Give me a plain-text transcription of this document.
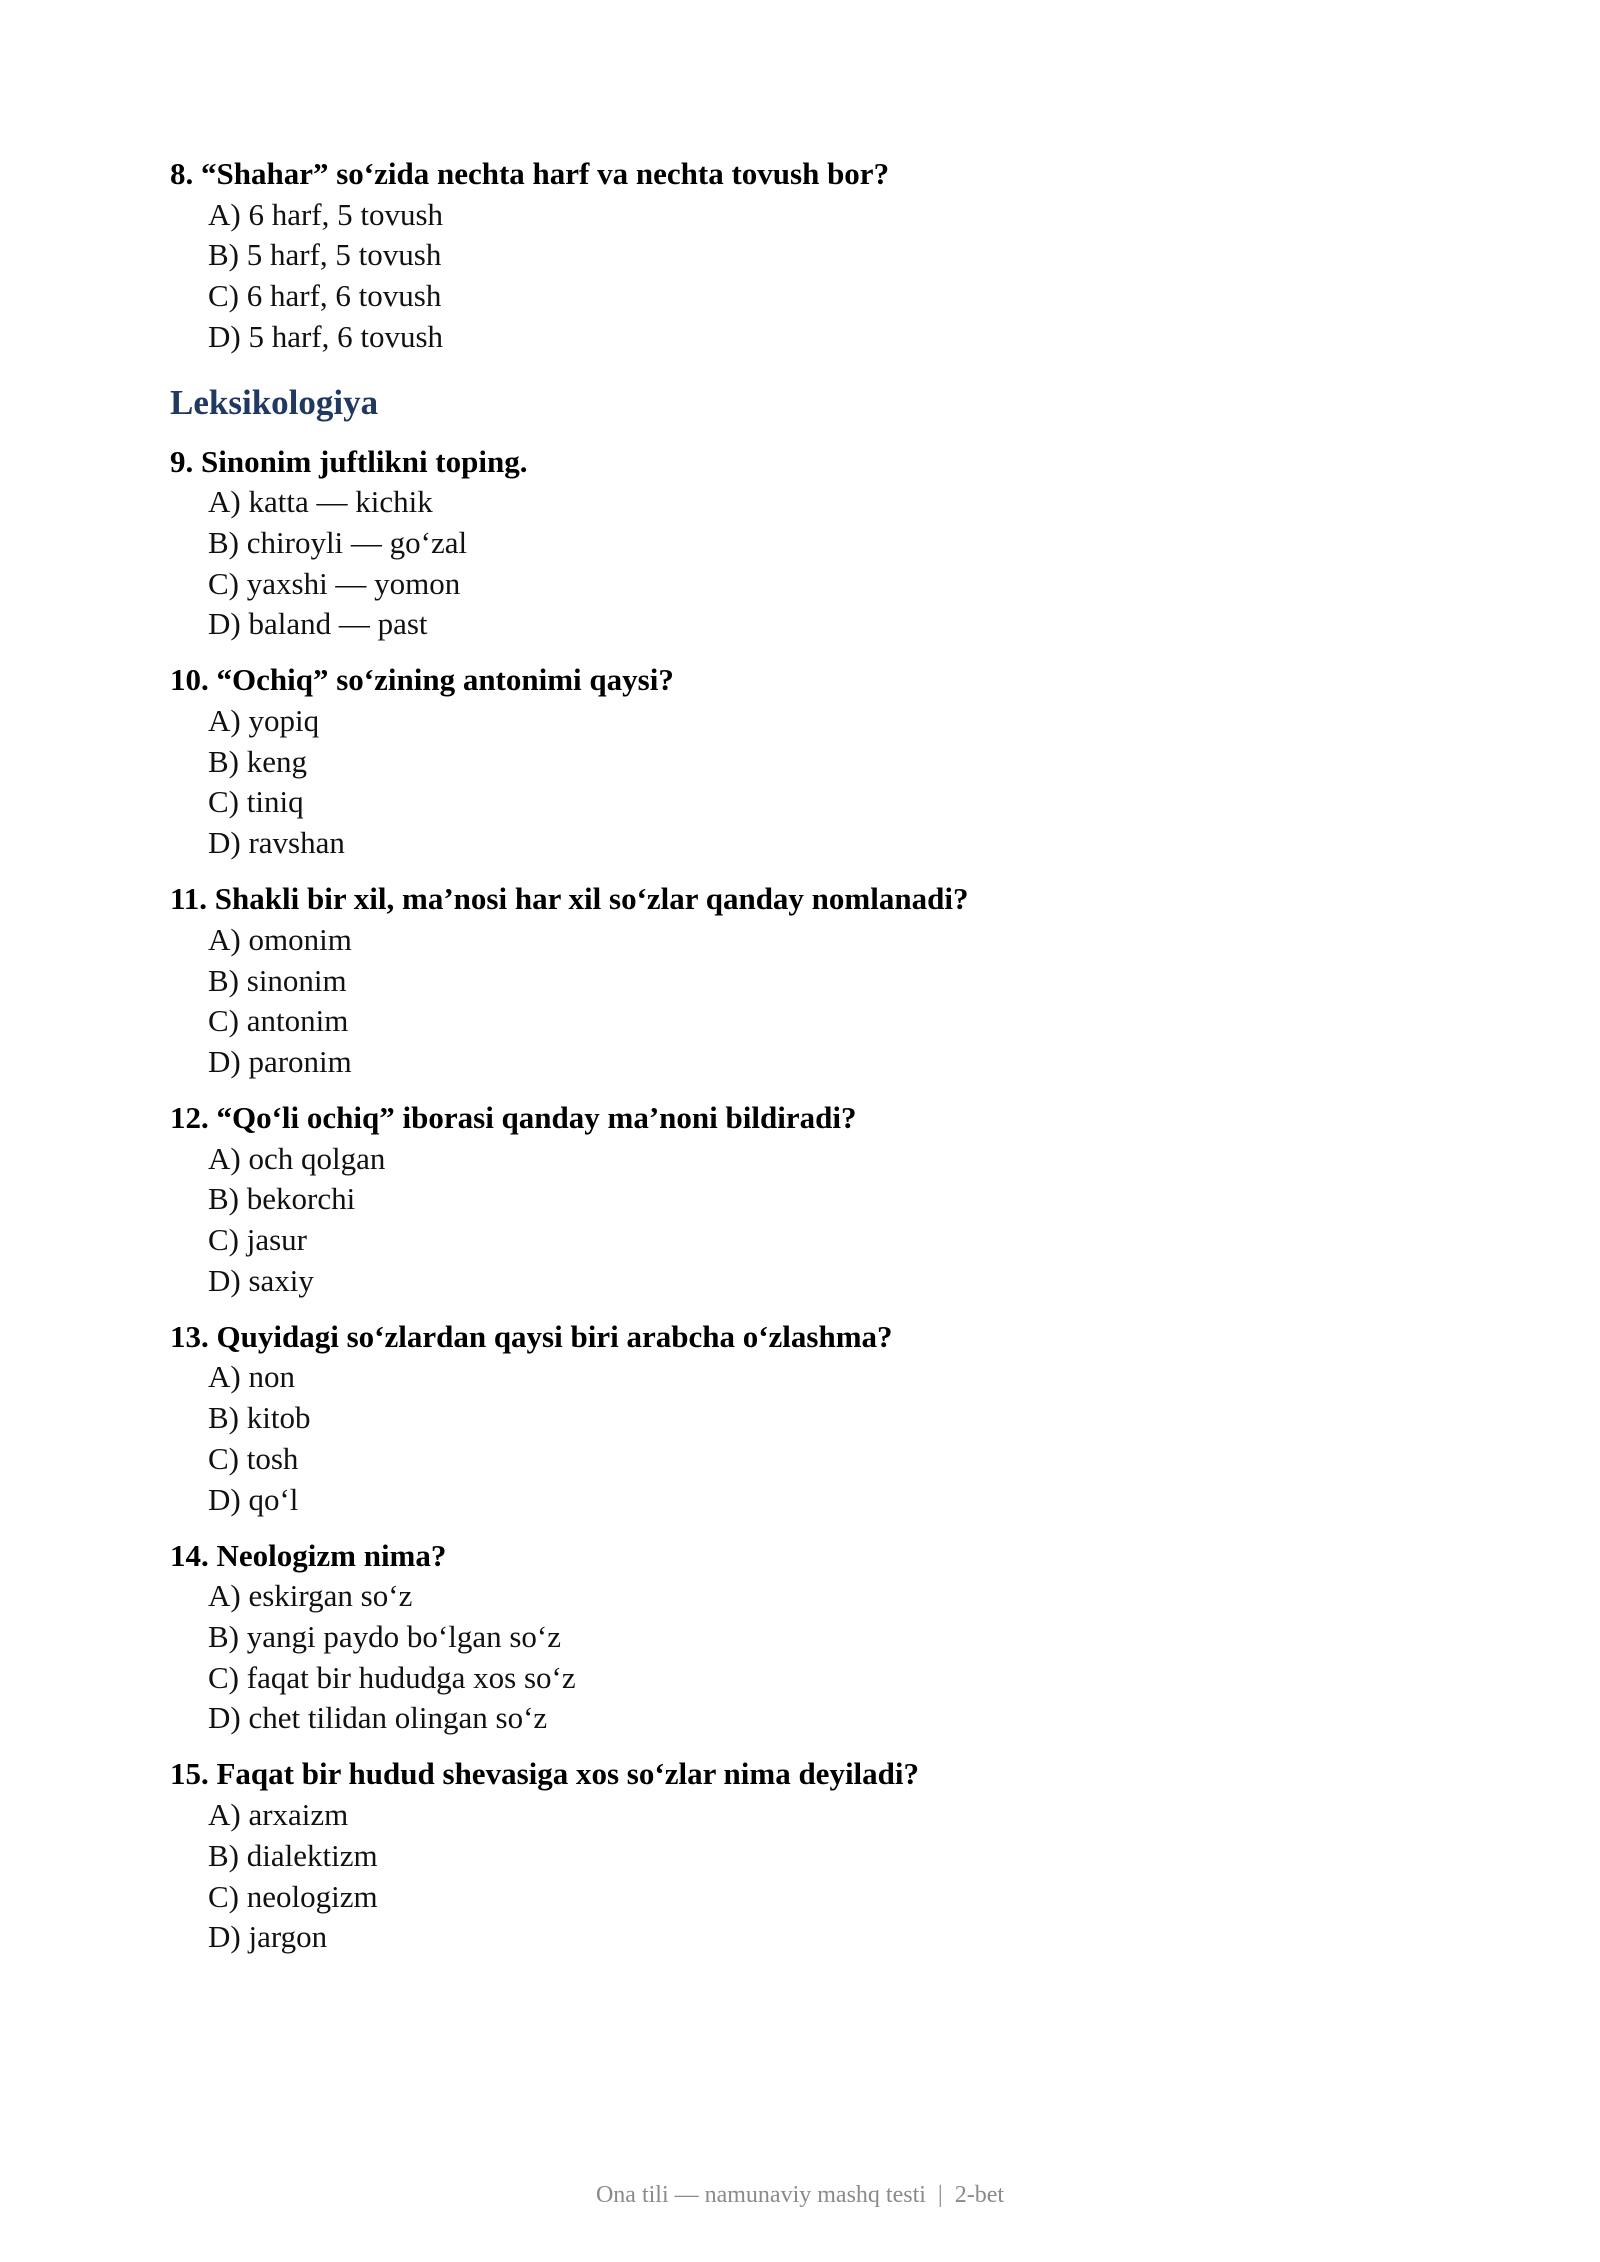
8. “Shahar” so‘zida nechta harf va nechta tovush bor?
A) 6 harf, 5 tovush
B) 5 harf, 5 tovush
C) 6 harf, 6 tovush
D) 5 harf, 6 tovush
Leksikologiya
9. Sinonim juftlikni toping.
A) katta — kichik
B) chiroyli — go‘zal
C) yaxshi — yomon
D) baland — past
10. “Ochiq” so‘zining antonimi qaysi?
A) yopiq
B) keng
C) tiniq
D) ravshan
11. Shakli bir xil, ma’nosi har xil so‘zlar qanday nomlanadi?
A) omonim
B) sinonim
C) antonim
D) paronim
12. “Qo‘li ochiq” iborasi qanday ma’noni bildiradi?
A) och qolgan
B) bekorchi
C) jasur
D) saxiy
13. Quyidagi so‘zlardan qaysi biri arabcha o‘zlashma?
A) non
B) kitob
C) tosh
D) qo‘l
14. Neologizm nima?
A) eskirgan so‘z
B) yangi paydo bo‘lgan so‘z
C) faqat bir hududga xos so‘z
D) chet tilidan olingan so‘z
15. Faqat bir hudud shevasiga xos so‘zlar nima deyiladi?
A) arxaizm
B) dialektizm
C) neologizm
D) jargon
Ona tili — namunaviy mashq testi | 2-bet
